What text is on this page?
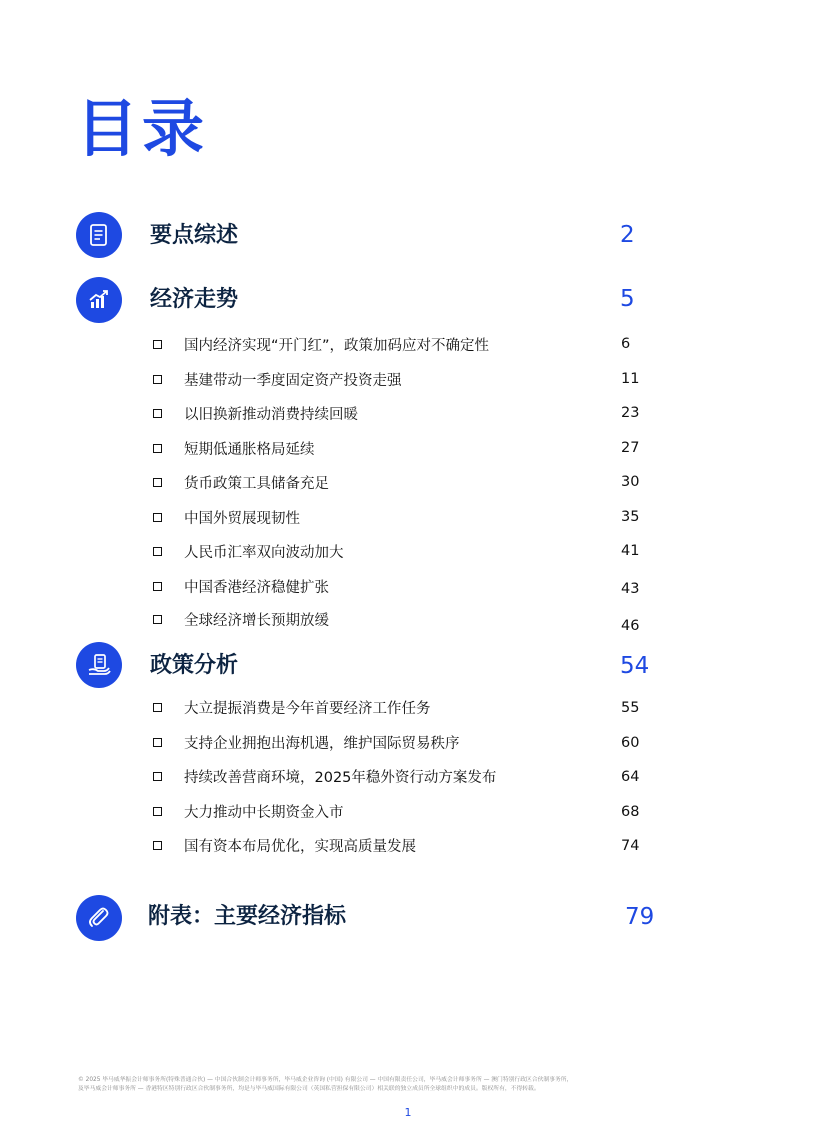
目录
要点综述	2
经济走势	5
国内经济实现“开门红”，政策加码应对不确定性	6
基建带动一季度固定资产投资走强	11
以旧换新推动消费持续回暖	23
短期低通胀格局延续	27
货币政策工具储备充足	30
中国外贸展现韧性	35
人民币汇率双向波动加大	41
中国香港经济稳健扩张	43
全球经济增长预期放缓	46
政策分析	54
大立提振消费是今年首要经济工作任务	55
支持企业拥抱出海机遇，维护国际贸易秩序	60
持续改善营商环境，2025年稳外资行动方案发布	64
大力推动中长期资金入市	68
国有资本布局优化，实现高质量发展	74
附表：主要经济指标	79
© 2025 毕马威华振会计师事务所(特殊普通合伙) — 中国合伙制会计师事务所，毕马威企业咨询 (中国) 有限公司 — 中国有限责任公司，毕马威会计师事务所 — 澳门特别行政区合伙制事务所，
及毕马威会计师事务所 — 香港特区特别行政区合伙制事务所，均是与毕马威国际有限公司（英国私营担保有限公司）相关联的独立成员所全球组织中的成员。版权所有，不得转载。
1
